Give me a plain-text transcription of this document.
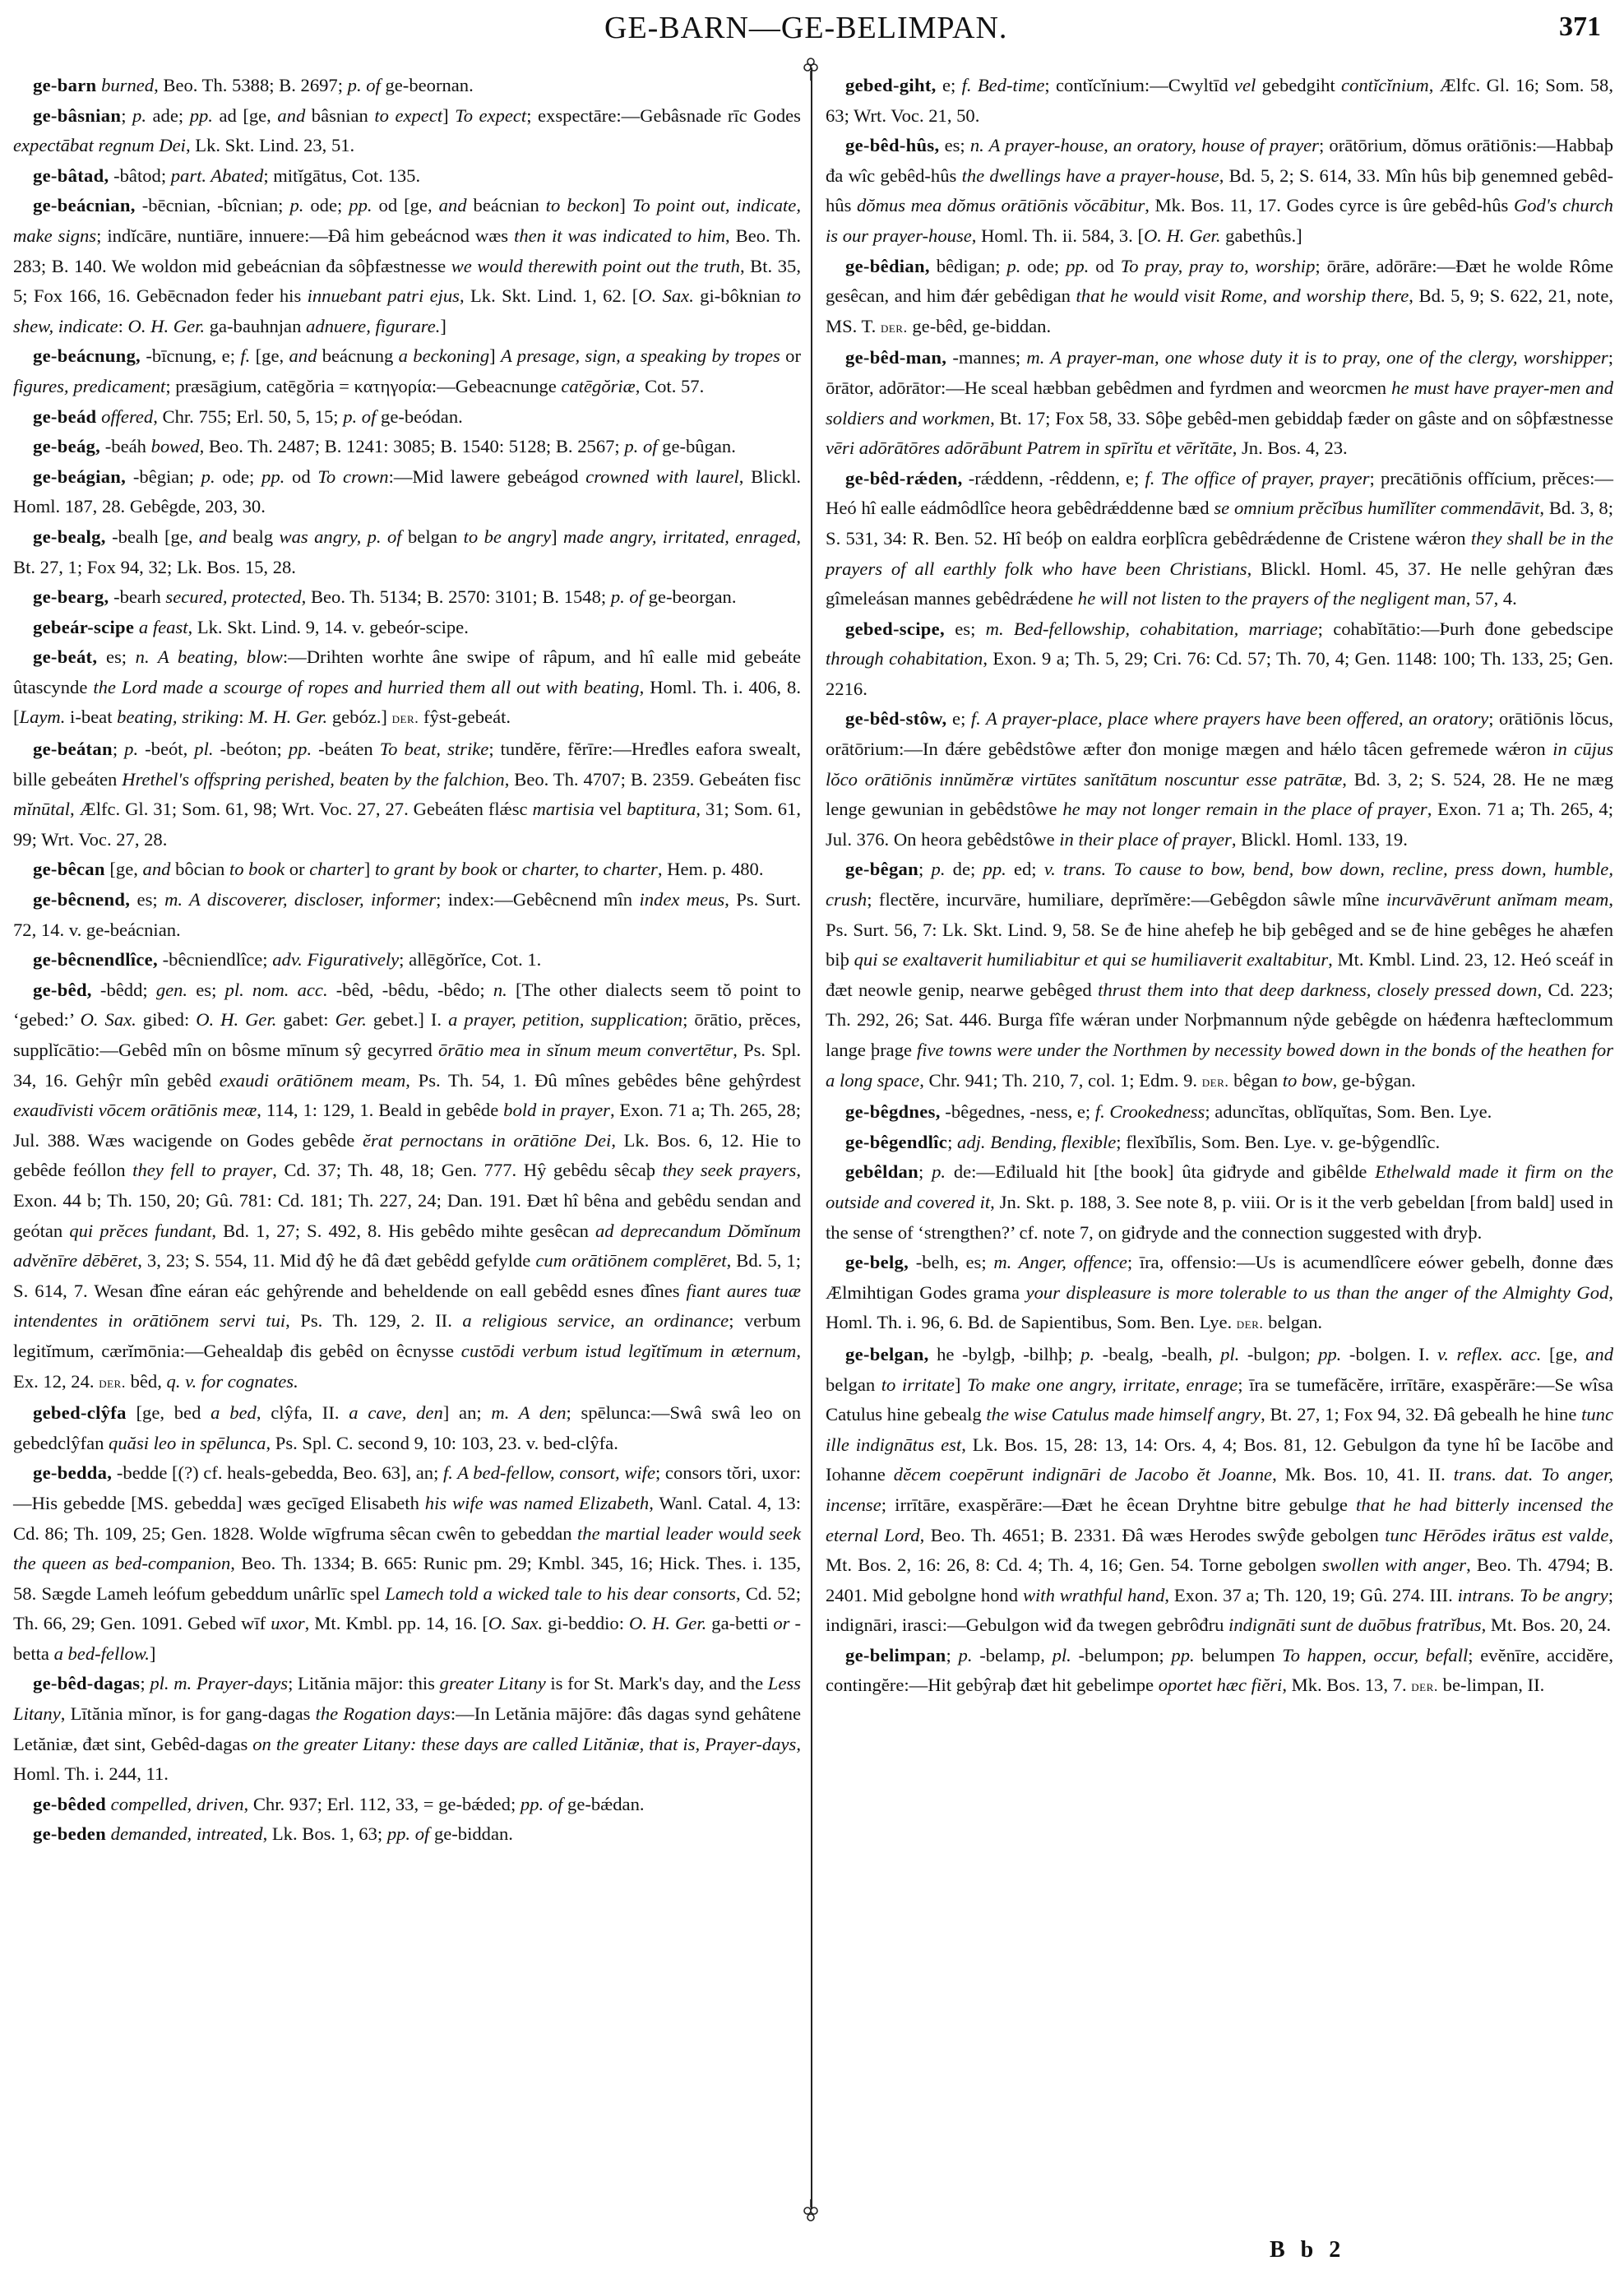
GE-BARN—GE-BELIMPAN.	371

ge-barn burned, Beo. Th. 5388; B. 2697; p. of ge-beornan.

ge-bâsnian; p. ade; pp. ad [ge, and bâsnian to expect] To expect; exspectāre:—Gebâsnade rīc Godes expectābat regnum Dei, Lk. Skt. Lind. 23, 51.

ge-bâtad, -bâtod; part. Abated; mitĭgātus, Cot. 135.

ge-beácnian, -bēcnian, -bîcnian; p. ode; pp. od [ge, and beácnian to beckon] To point out, indicate, make signs; indĭcāre, nuntiāre, innuere:—Đâ him gebeácnod wæs then it was indicated to him, Beo. Th. 283; B. 140. We woldon mid gebeácnian đa sôþfæstnesse we would therewith point out the truth, Bt. 35, 5; Fox 166, 16. Gebēcnadon feder his innuebant patri ejus, Lk. Skt. Lind. 1, 62. [O. Sax. gi-bôknian to shew, indicate: O. H. Ger. ga-bauhnjan adnuere, figurare.]

ge-beácnung, -bīcnung, e; f. [ge, and beácnung a beckoning] A presage, sign, a speaking by tropes or figures, predicament; præsāgium, catēgŏria = κατηγορία:—Gebeacnunge catēgŏriæ, Cot. 57.

ge-beád offered, Chr. 755; Erl. 50, 5, 15; p. of ge-beódan.

ge-beág, -beáh bowed, Beo. Th. 2487; B. 1241: 3085; B. 1540: 5128; B. 2567; p. of ge-bûgan.

ge-beágian, -bêgian; p. ode; pp. od To crown:—Mid lawere gebeágod crowned with laurel, Blickl. Homl. 187, 28. Gebêgde, 203, 30.

ge-bealg, -bealh [ge, and bealg was angry, p. of belgan to be angry] made angry, irritated, enraged, Bt. 27, 1; Fox 94, 32; Lk. Bos. 15, 28.

ge-bearg, -bearh secured, protected, Beo. Th. 5134; B. 2570: 3101; B. 1548; p. of ge-beorgan.

gebeár-scipe a feast, Lk. Skt. Lind. 9, 14. v. gebeór-scipe.

ge-beát, es; n. A beating, blow:—Drihten worhte âne swipe of râpum, and hî ealle mid gebeáte ûtascynde the Lord made a scourge of ropes and hurried them all out with beating, Homl. Th. i. 406, 8. [Laym. i-beat beating, striking: M. H. Ger. gebóz.] der. fŷst-gebeát.

ge-beátan; p. -beót, pl. -beóton; pp. -beáten To beat, strike; tundĕre, fĕrīre:—Hređles eafora swealt, bille gebeáten Hrethel's offspring perished, beaten by the falchion, Beo. Th. 4707; B. 2359. Gebeáten fisc mĭnūtal, Ælfc. Gl. 31; Som. 61, 98; Wrt. Voc. 27, 27. Gebeáten flǽsc martisia vel baptitura, 31; Som. 61, 99; Wrt. Voc. 27, 28.

ge-bêcan [ge, and bôcian to book or charter] to grant by book or charter, to charter, Hem. p. 480.

ge-bêcnend, es; m. A discoverer, discloser, informer; index:—Gebêcnend mîn index meus, Ps. Surt. 72, 14. v. ge-beácnian.

ge-bêcnendlîce, -bêcniendlîce; adv. Figuratively; allēgŏrĭce, Cot. 1.

ge-bêd, -bêdd; gen. es; pl. nom. acc. -bêd, -bêdu, -bêdo; n. [The other dialects seem tŏ point to ‘gebed:’ O. Sax. gibed: O. H. Ger. gabet: Ger. gebet.] I. a prayer, petition, supplication; ōrātio, prĕces, supplĭcātio:—Gebêd mîn on bôsme mīnum sŷ gecyrred ōrātio mea in sĭnum meum convertētur, Ps. Spl. 34, 16. Gehŷr mîn gebêd exaudi orātiōnem meam, Ps. Th. 54, 1. Đû mînes gebêdes bêne gehŷrdest exaudīvisti vōcem orātiōnis meæ, 114, 1: 129, 1. Beald in gebêde bold in prayer, Exon. 71 a; Th. 265, 28; Jul. 388. Wæs wacigende on Godes gebêde ĕrat pernoctans in orātiōne Dei, Lk. Bos. 6, 12. Hie to gebêde feóllon they fell to prayer, Cd. 37; Th. 48, 18; Gen. 777. Hŷ gebêdu sêcaþ they seek prayers, Exon. 44 b; Th. 150, 20; Gû. 781: Cd. 181; Th. 227, 24; Dan. 191. Đæt hî bêna and gebêdu sendan and geótan qui prĕces fundant, Bd. 1, 27; S. 492, 8. His gebêdo mihte gesêcan ad deprecandum Dŏmĭnum advĕnīre dēbēret, 3, 23; S. 554, 11. Mid đŷ he đâ đæt gebêdd gefylde cum orātiōnem complēret, Bd. 5, 1; S. 614, 7. Wesan đîne eáran eác gehŷrende and beheldende on eall gebêdd esnes đînes fiant aures tuæ intendentes in orātiōnem servi tui, Ps. Th. 129, 2. II. a religious service, an ordinance; verbum legitĭmum, cærĭmōnia:—Gehealdaþ đis gebêd on êcnysse custōdi verbum istud legĭtĭmum in æternum, Ex. 12, 24. der. bêd, q. v. for cognates.

gebed-clŷfa [ge, bed a bed, clŷfa, II. a cave, den] an; m. A den; spēlunca:—Swâ swâ leo on gebedclŷfan quăsi leo in spēlunca, Ps. Spl. C. second 9, 10: 103, 23. v. bed-clŷfa.

ge-bedda, -bedde [(?) cf. heals-gebedda, Beo. 63], an; f. A bed-fellow, consort, wife; consors tŏri, uxor:—His gebedde [MS. gebedda] wæs gecīged Elisabeth his wife was named Elizabeth, Wanl. Catal. 4, 13: Cd. 86; Th. 109, 25; Gen. 1828. Wolde wīgfruma sêcan cwên to gebeddan the martial leader would seek the queen as bed-companion, Beo. Th. 1334; B. 665: Runic pm. 29; Kmbl. 345, 16; Hick. Thes. i. 135, 58. Sægde Lameh leófum gebeddum unârlīc spel Lamech told a wicked tale to his dear consorts, Cd. 52; Th. 66, 29; Gen. 1091. Gebed wīf uxor, Mt. Kmbl. pp. 14, 16. [O. Sax. gi-beddio: O. H. Ger. ga-betti or -betta a bed-fellow.]

ge-bêd-dagas; pl. m. Prayer-days; Litănia mājor: this greater Litany is for St. Mark's day, and the Less Litany, Lītănia mĭnor, is for gang-dagas the Rogation days:—In Letănia mājōre: đâs dagas synd gehâtene Letăniæ, đæt sint, Gebêd-dagas on the greater Litany: these days are called Lităniæ, that is, Prayer-days, Homl. Th. i. 244, 11.

ge-bêded compelled, driven, Chr. 937; Erl. 112, 33, = ge-bǽded; pp. of ge-bǽdan.

ge-beden demanded, intreated, Lk. Bos. 1, 63; pp. of ge-biddan.

gebed-giht, e; f. Bed-time; contĭcĭnium:—Cwyltīd vel gebedgiht contĭcĭnium, Ælfc. Gl. 16; Som. 58, 63; Wrt. Voc. 21, 50.

ge-bêd-hûs, es; n. A prayer-house, an oratory, house of prayer; orātōrium, dŏmus orātiōnis:—Habbaþ đa wîc gebêd-hûs the dwellings have a prayer-house, Bd. 5, 2; S. 614, 33. Mîn hûs biþ genemned gebêd-hûs dŏmus mea dŏmus orātiōnis vŏcābitur, Mk. Bos. 11, 17. Godes cyrce is ûre gebêd-hûs God's church is our prayer-house, Homl. Th. ii. 584, 3. [O. H. Ger. gabethûs.]

ge-bêdian, bêdigan; p. ode; pp. od To pray, pray to, worship; ōrāre, adōrāre:—Đæt he wolde Rôme gesêcan, and him đǽr gebêdigan that he would visit Rome, and worship there, Bd. 5, 9; S. 622, 21, note, MS. T. der. ge-bêd, ge-biddan.

ge-bêd-man, -mannes; m. A prayer-man, one whose duty it is to pray, one of the clergy, worshipper; ōrātor, adōrātor:—He sceal hæbban gebêdmen and fyrdmen and weorcmen he must have prayer-men and soldiers and workmen, Bt. 17; Fox 58, 33. Sôþe gebêd-men gebiddaþ fæder on gâste and on sôþfæstnesse vēri adōrātōres adōrābunt Patrem in spīrĭtu et vērĭtāte, Jn. Bos. 4, 23.

ge-bêd-rǽden, -rǽddenn, -rêddenn, e; f. The office of prayer, prayer; precātiōnis offĭcium, prĕces:—Heó hî ealle eádmôdlîce heora gebêdrǽddenne bæd se omnium prĕcĭbus humĭlĭter commendāvit, Bd. 3, 8; S. 531, 34: R. Ben. 52. Hî beóþ on ealdra eorþlîcra gebêdrǽdenne đe Cristene wǽron they shall be in the prayers of all earthly folk who have been Christians, Blickl. Homl. 45, 37. He nelle gehŷran đæs gîmeleásan mannes gebêdrǽdene he will not listen to the prayers of the negligent man, 57, 4.

gebed-scipe, es; m. Bed-fellowship, cohabitation, marriage; cohabĭtātio:—Þurh đone gebedscipe through cohabitation, Exon. 9 a; Th. 5, 29; Cri. 76: Cd. 57; Th. 70, 4; Gen. 1148: 100; Th. 133, 25; Gen. 2216.

ge-bêd-stôw, e; f. A prayer-place, place where prayers have been offered, an oratory; orātiōnis lŏcus, orātōrium:—In đǽre gebêdstôwe æfter đon monige mægen and hǽlo tâcen gefremede wǽron in cūjus lŏco orātiōnis innŭmĕræ virtūtes sanĭtātum noscuntur esse patrātæ, Bd. 3, 2; S. 524, 28. He ne mæg lenge gewunian in gebêdstôwe he may not longer remain in the place of prayer, Exon. 71 a; Th. 265, 4; Jul. 376. On heora gebêdstôwe in their place of prayer, Blickl. Homl. 133, 19.

ge-bêgan; p. de; pp. ed; v. trans. To cause to bow, bend, bow down, recline, press down, humble, crush; flectĕre, incurvāre, humiliare, deprĭmĕre:—Gebêgdon sâwle mîne incurvāvērunt anĭmam meam, Ps. Surt. 56, 7: Lk. Skt. Lind. 9, 58. Se đe hine ahefeþ he biþ gebêged and se đe hine gebêges he ahæfen biþ qui se exaltaverit humiliabitur et qui se humiliaverit exaltabitur, Mt. Kmbl. Lind. 23, 12. Heó sceáf in đæt neowle genip, nearwe gebêged thrust them into that deep darkness, closely pressed down, Cd. 223; Th. 292, 26; Sat. 446. Burga fîfe wǽran under Norþmannum nŷde gebêgde on hǽđenra hæfteclommum lange þrage five towns were under the Northmen by necessity bowed down in the bonds of the heathen for a long space, Chr. 941; Th. 210, 7, col. 1; Edm. 9. der. bêgan to bow, ge-bŷgan.

ge-bêgdnes, -bêgednes, -ness, e; f. Crookedness; aduncĭtas, oblĭquĭtas, Som. Ben. Lye.

ge-bêgendlîc; adj. Bending, flexible; flexĭbĭlis, Som. Ben. Lye. v. ge-bŷgendlîc.

gebêldan; p. de:—Eđiluald hit [the book] ûta giđryde and gibêlde Ethelwald made it firm on the outside and covered it, Jn. Skt. p. 188, 3. See note 8, p. viii. Or is it the verb gebeldan [from bald] used in the sense of ‘strengthen?’ cf. note 7, on giđryde and the connection suggested with đryþ.

ge-belg, -belh, es; m. Anger, offence; īra, offensio:—Us is acumendlîcere eówer gebelh, đonne đæs Ælmihtigan Godes grama your displeasure is more tolerable to us than the anger of the Almighty God, Homl. Th. i. 96, 6. Bd. de Sapientibus, Som. Ben. Lye. der. belgan.

ge-belgan, he -bylgþ, -bilhþ; p. -bealg, -bealh, pl. -bulgon; pp. -bolgen. I. v. reflex. acc. [ge, and belgan to irritate] To make one angry, irritate, enrage; īra se tumefăcĕre, irrītāre, exaspĕrāre:—Se wîsa Catulus hine gebealg the wise Catulus made himself angry, Bt. 27, 1; Fox 94, 32. Đâ gebealh he hine tunc ille indignātus est, Lk. Bos. 15, 28: 13, 14: Ors. 4, 4; Bos. 81, 12. Gebulgon đa tyne hî be Iacōbe and Iohanne dĕcem coepērunt indignāri de Jacobo ĕt Joanne, Mk. Bos. 10, 41. II. trans. dat. To anger, incense; irrītāre, exaspĕrāre:—Đæt he êcean Dryhtne bitre gebulge that he had bitterly incensed the eternal Lord, Beo. Th. 4651; B. 2331. Đâ wæs Herodes swŷđe gebolgen tunc Hērōdes irātus est valde, Mt. Bos. 2, 16: 26, 8: Cd. 4; Th. 4, 16; Gen. 54. Torne gebolgen swollen with anger, Beo. Th. 4794; B. 2401. Mid gebolgne hond with wrathful hand, Exon. 37 a; Th. 120, 19; Gû. 274. III. intrans. To be angry; indignāri, irasci:—Gebulgon wiđ đa twegen gebrôđru indignāti sunt de duōbus fratrĭbus, Mt. Bos. 20, 24.

ge-belimpan; p. -belamp, pl. -belumpon; pp. belumpen To happen, occur, befall; evĕnīre, accidĕre, contingĕre:—Hit gebŷraþ đæt hit gebelimpe oportet hæc fiĕri, Mk. Bos. 13, 7. der. be-limpan, II.

B b 2
